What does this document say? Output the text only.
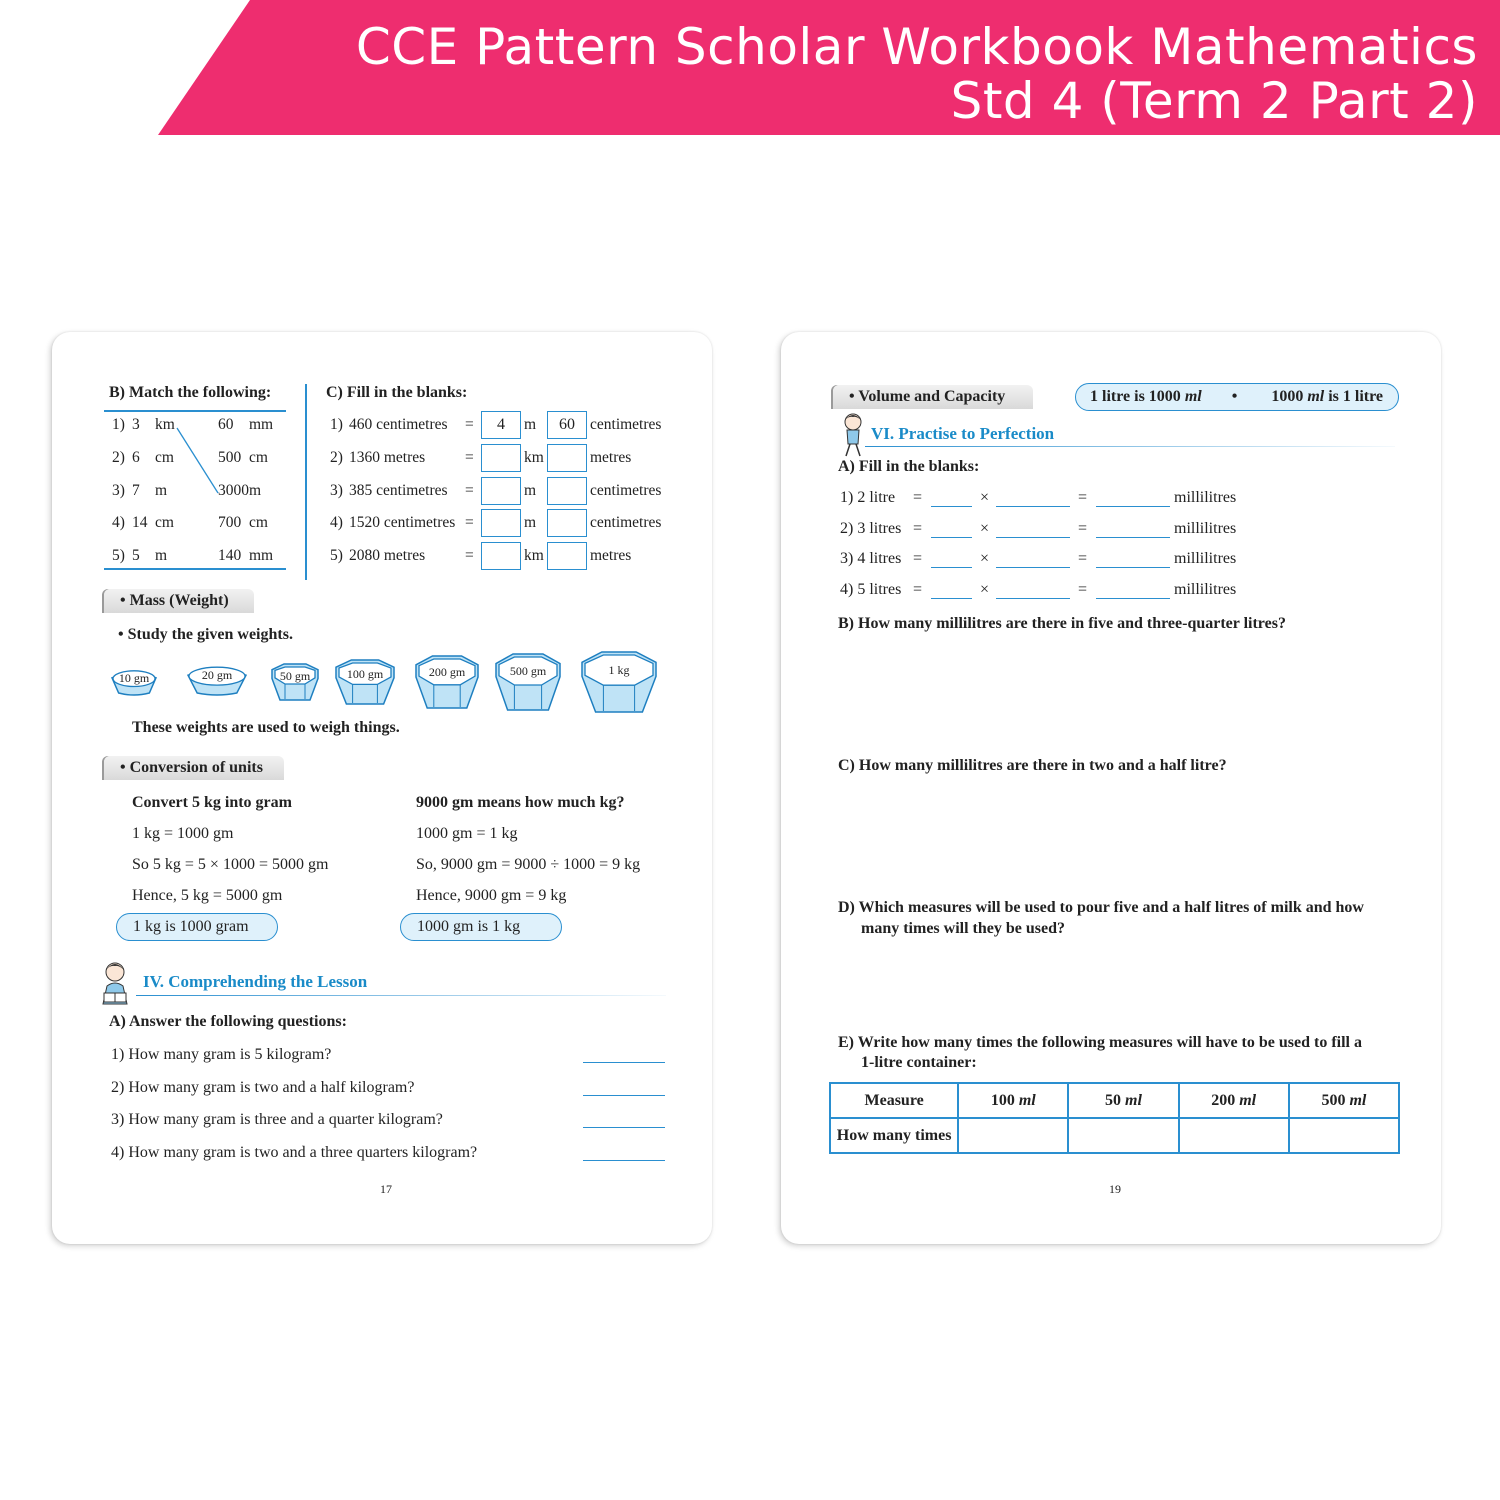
CCE Pattern Scholar Workbook Mathematics
Std 4 (Term 2 Part 2)
B) Match the following:
1) 3 km	60 mm
2) 6 cm	500 cm
3) 7 m	3000 m
4) 14 cm	700 cm
5) 5 m	140 mm
C) Fill in the blanks:
1) 460 centimetres =	4	m	60 centimetres
2) 1360 metres	=	km	metres
3) 385 centimetres =	m	centimetres
4) 1520 centimetres =	m	centimetres
5) 2080 metres	=	km	metres
• Mass (Weight)
• Study the given weights.
10 gm	20 gm	50 gm	100 gm	200 gm	500 gm	1 kg
These weights are used to weigh things.
• Conversion of units
Convert 5 kg into gram
1 kg = 1000 gm
So 5 kg = 5 × 1000 = 5000 gm
Hence, 5 kg = 5000 gm
1 kg is 1000 gram
9000 gm means how much kg?
1000 gm = 1 kg
So, 9000 gm = 9000 ÷ 1000 = 9 kg
Hence, 9000 gm = 9 kg
1000 gm is 1 kg
IV. Comprehending the Lesson
A) Answer the following questions:
1) How many gram is 5 kilogram?
2) How many gram is two and a half kilogram?
3) How many gram is three and a quarter kilogram?
4) How many gram is two and a three quarters kilogram?
17
• Volume and Capacity	1 litre is 1000 ml • 1000 ml is 1 litre
VI. Practise to Perfection
A) Fill in the blanks:
1) 2 litre =	×	=	millilitres
2) 3 litres =	×	=	millilitres
3) 4 litres =	×	=	millilitres
4) 5 litres =	×	=	millilitres
B) How many millilitres are there in five and three-quarter litres?
C) How many millilitres are there in two and a half litre?
D) Which measures will be used to pour five and a half litres of milk and how
many times will they be used?
E) Write how many times the following measures will have to be used to fill a
1-litre container:
Measure	100 ml	50 ml	200 ml	500 ml
How many times				
19
